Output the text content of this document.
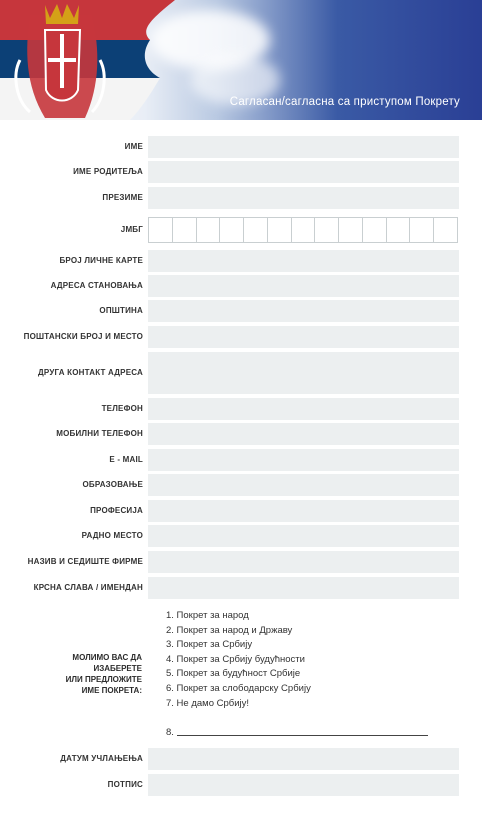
Сагласан/сагласна са приступом Покрету
ИМЕ
ИМЕ РОДИТЕЉА
ПРЕЗИМЕ
ЈМБГ
БРОЈ ЛИЧНЕ КАРТЕ
АДРЕСА СТАНОВАЊА
ОПШТИНА
ПОШТАНСКИ БРОЈ И МЕСТО
ДРУГА КОНТАКТ АДРЕСА
ТЕЛЕФОН
МОБИЛНИ ТЕЛЕФОН
E - MAIL
ОБРАЗОВАЊЕ
ПРОФЕСИЈА
РАДНО МЕСТО
НАЗИВ И СЕДИШТЕ ФИРМЕ
КРСНА СЛАВА / ИМЕНДАН
ДАТУМ УЧЛАЊЕЊА
ПОТПИС
МОЛИМО ВАС ДА
ИЗАБЕРЕТЕ
ИЛИ ПРЕДЛОЖИТЕ
ИМЕ ПОКРЕТА:
1. Покрет за народ
2. Покрет за народ и Државу
3. Покрет за Србију
4. Покрет за Србију будућности
5. Покрет за будућност Србије
6. Покрет за слободарску Србију
7. Не дамо Србију!
8.
